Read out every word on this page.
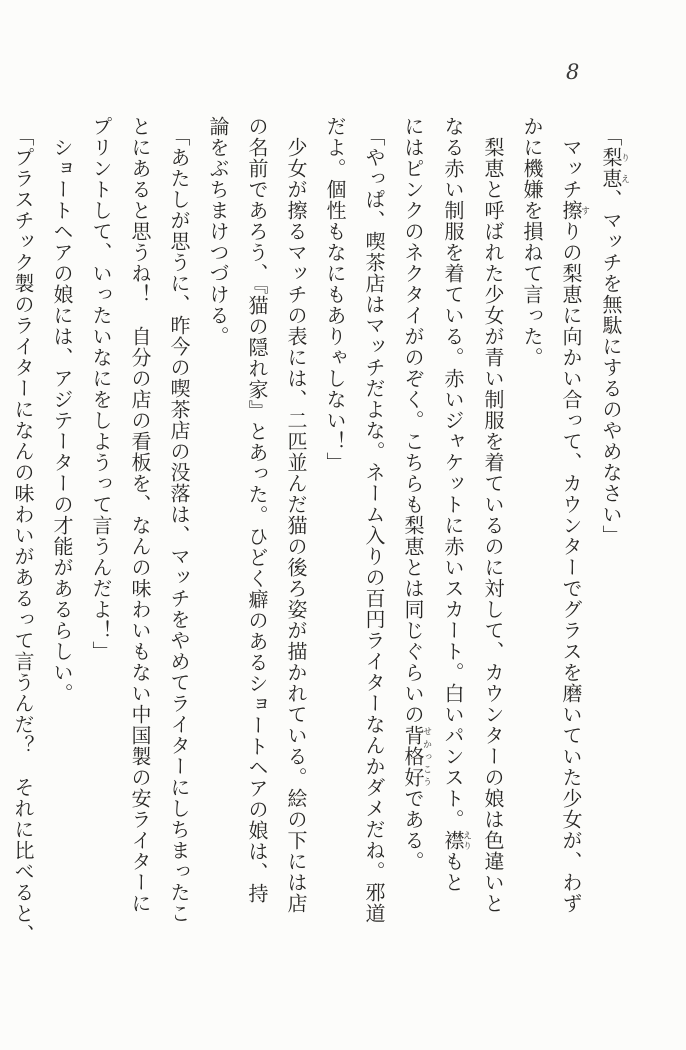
8
「梨恵 りえ、マッチを無駄にするのやめなさい」
マッチ擦 すりの梨恵に向かい合って、カウンターでグラスを磨いていた少女が、わず
かに機嫌を損ねて言った。
梨恵と呼ばれた少女が青い制服を着ているのに対して、カウンターの娘は色違いと
なる赤い制服を着ている。赤いジャケットに赤いスカート。白いパンスト。襟 えりもと
にはピンクのネクタイがのぞく。こちらも梨恵とは同じぐらいの背格好 せかっこうである。
「やっぱ、喫茶店はマッチだよな。ネーム入りの百円ライターなんかダメだね。邪道
だよ。個性もなにもありゃしない！」
少女が擦るマッチの表には、二匹並んだ猫の後ろ姿が描かれている。絵の下には店
の名前であろう、『猫の隠れ家』とあった。ひどく癖のあるショートヘアの娘は、持
論をぶちまけつづける。
「あたしが思うに、昨今の喫茶店の没落は、マッチをやめてライターにしちまったこ
とにあると思うね！　自分の店の看板を、なんの味わいもない中国製の安ライターに
プリントして、いったいなにをしようって言うんだよ！」
ショートヘアの娘には、アジテーターの才能があるらしい。
「プラスチック製のライターになんの味わいがあるって言うんだ？　それに比べると、
